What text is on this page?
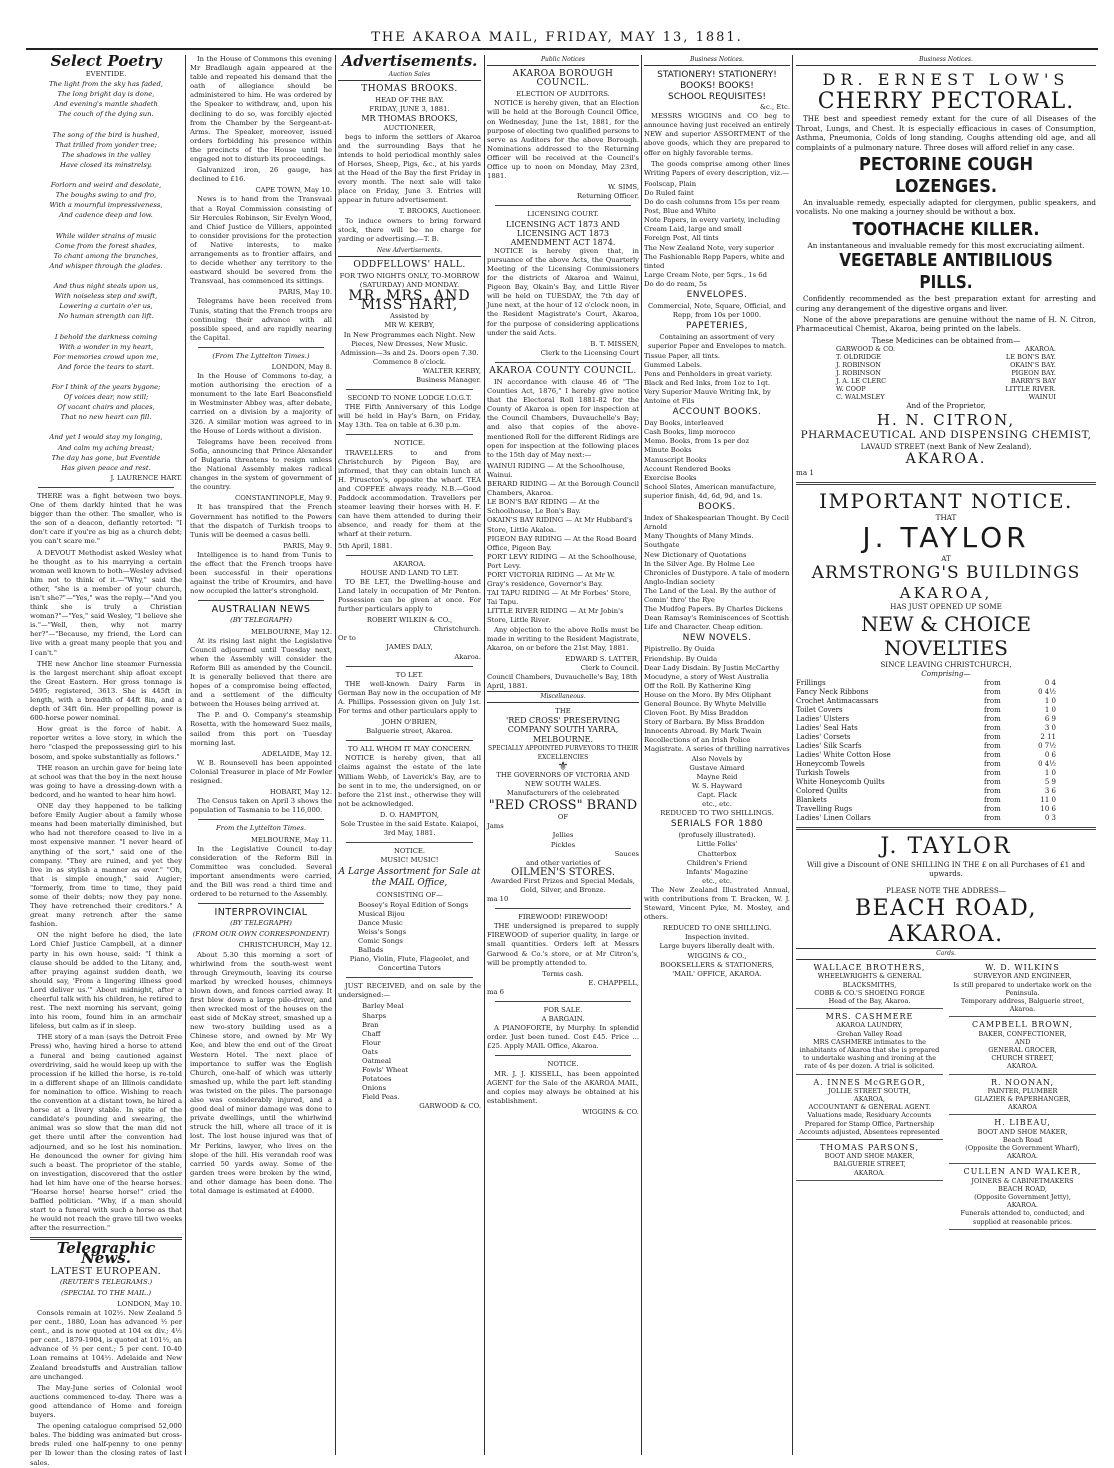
THE AKAROA MAIL, FRIDAY, MAY 13, 1881.
Select Poetry
EVENTIDE.
The light from the sky has faded,
The long bright day is done,
And evening's mantle shadeth
The couch of the dying sun.

The song of the bird is hushed,
That trilled from yonder tree;
The shadows in the valley
Have closed its minstrelsy.

Forlorn and weird and desolate,
The boughs swing to and fro,
With a mournful impressiveness,
And cadence deep and low.

While wilder strains of music
Come from the forest shades,
To chant among the branches,
And whisper through the glades.

And thus night steals upon us,
With noiseless step and swift,
Lowering a curtain o'er us,
No human strength can lift.

I behold the darkness coming
With a wonder in my heart,
For memories crowd upon me,
And force the tears to start.

For I think of the years bygone;
Of voices dear, now still;
Of vacant chairs and places,
That no new heart can fill.

And yet I would stay my longing,
And calm my aching breast;
The day has gone, but Eventide
Has given peace and rest.
J. LAURENCE HART.

THERE was a fight between two boys. One of them darkly hinted that he was bigger than the other. The smaller, who is the son of a deacon, defiantly retorted: "I don't care if you're as big as a church debt; you can't scare me."

A DEVOUT Methodist asked Wesley what he thought as to his marrying a certain woman well known to both—Wesley advised him not to think of it.—"Why," said the other, "she is a member of your church, isn't she?"—"Yes," was the reply.—"And you think she is truly a Christian woman?"—"Yes," said Wesley, "I believe she is."—"Well, then, why not marry her?"—"Because, my friend, the Lord can live with a great many people that you and I can't."

THE new Anchor line steamer Furnessia is the largest merchant ship afloat except the Great Eastern. Her gross tonnage is 5495; registered, 3613. She is 445ft in length, with a breadth of 44ft 8in, and a depth of 34ft 6in. Her propelling power is 600-horse power nominal.

How great is the force of habit. A reporter writes a love story, in which the hero "clasped the prepossessing girl to his bosom, and spoke substantially as follows."

THE reason an urchin gave for being late at school was that the boy in the next house was going to have a dressing-down with a bedcord, and he wanted to hear him howl.

ONE day they happened to be talking before Emily Augier about a family whose means had been materially diminished, but who had not therefore ceased to live in a most expensive manner. "I never heard of anything of the sort," said one of the company. "They are ruined, and yet they live in as stylish a manner as ever." "Oh, that is simple enough," said Augier; "formerly, from time to time, they paid some of their debts; now they pay none. They have retrenched their creditors." A great many retrench after the same fashion.

ON the night before he died, the late Lord Chief Justice Campbell, at a dinner party in his own house, said: "I think a clause should be added to the Litany, and, after praying against sudden death, we should say, 'From a lingering illness good Lord deliver us.'" About midnight, after a cheerful talk with his children, he retired to rest. The next morning his servant, going into his room, found him in an armchair lifeless, but calm as if in sleep.

THE story of a man (says the Detroit Free Press) who, having hired a horse to attend a funeral and being cautioned against overdriving, said he would keep up with the procession if he killed the horse, is re-told in a different shape of an Illinois candidate for nomination to office. Wishing to reach the convention at a distant town, he hired a horse at a livery stable. In spite of the candidate's pounding and swearing, the animal was so slow that the man did not get there until after the convention had adjourned, and so he lost his nomination. He denounced the owner for giving him such a beast. The proprietor of the stable, on investigation, discovered that the ostler had let him have one of the hearse horses. "Hearse horse! hearse horse!" cried the baffled politician. "Why, if a man should start to a funeral with such a horse as that he would not reach the grave till two weeks after the resurrection."

Telegraphic News.
LATEST EUROPEAN.
(REUTER'S TELEGRAMS.)
(SPECIAL TO THE MAIL.)
LONDON, May 10.

Consols remain at 102½. New Zealand 5 per cent., 1880, Loan has advanced ½ per cent., and is now quoted at 104 ex div.; 4½ per cent., 1879-1904, is quoted at 101½, an advance of ½ per cent.; 5 per cent. 10-40 Loan remains at 104½. Adelaide and New Zealand breadstuffs and Australian tallow are unchanged.

The May-June series of Colonial wool auctions commenced to-day. There was a good attendance of Home and foreign buyers.

The opening catalogue comprised 52,000 bales. The bidding was animated but cross-breds ruled one half-penny to one penny per lb lower than the closing rates of last sales.

In the House of Commons this evening Mr Bradlaugh again appeared at the table and repeated his demand that the oath of allegiance should be administered to him. He was ordered by the Speaker to withdraw, and, upon his declining to do so, was forcibly ejected from the Chamber by the Sergeant-at-Arms. The Speaker, moreover, issued orders forbidding his presence within the precincts of the House until he engaged not to disturb its proceedings.

Galvanized iron, 26 gauge, has declined to £16.

CAPE TOWN, May 10.

News is to hand from the Transvaal that a Royal Commission consisting of Sir Hercules Robinson, Sir Evelyn Wood, and Chief Justice de Villiers, appointed to consider provisions for the protection of Native interests, to make arrangements as to frontier affairs, and to decide whether any territory to the eastward should be severed from the Transvaal, has commenced its sittings.

PARIS, May 10.

Telegrams have been received from Tunis, stating that the French troops are continuing their advance with all possible speed, and are rapidly nearing the Capital.

(From The Lyttelton Times.)
LONDON, May 8.

In the House of Commons to-day, a motion authorising the erection of a monument to the late Earl Beaconsfield in Westminster Abbey was, after debate, carried on a division by a majority of 326. A similar motion was agreed to in the House of Lords without a division.

Telegrams have been received from Sofia, announcing that Prince Alexander of Bulgaria threatens to resign unless the National Assembly makes radical changes in the system of government of the country.

CONSTANTINOPLE, May 9.

It has transpired that the French Government has notified to the Powers that the dispatch of Turkish troops to Tunis will be deemed a casus belli.

PARIS, May 9.

Intelligence is to hand from Tunis to the effect that the French troops have been successful in their operations against the tribe of Kroumirs, and have now occupied the latter's stronghold.

AUSTRALIAN NEWS
(BY TELEGRAPH)
MELBOURNE, May 12.

At its rising last night the Legislative Council adjourned until Tuesday next, when the Assembly will consider the Reform Bill as amended by the Council. It is generally believed that there are hopes of a compromise being effected, and a settlement of the difficulty between the Houses being arrived at.

The P. and O. Company's steamship Rosetta, with the homeward Suez mails, sailed from this port on Tuesday morning last.

ADELAIDE, May 12.

W. B. Rounsevell has been appointed Colonial Treasurer in place of Mr Fowler resigned.

HOBART, May 12.

The Census taken on April 3 shows the population of Tasmania to be 116,000.

From the Lyttelton Times.
MELBOURNE, May 11.

In the Legislative Council to-day consideration of the Reform Bill in Committee was concluded. Several important amendments were carried, and the Bill was read a third time and ordered to be returned to the Assembly.

INTERPROVINCIAL
(BY TELEGRAPH)
(FROM OUR OWN CORRESPONDENT)
CHRISTCHURCH, May 12.

About 5.30 this morning a sort of whirlwind from the south-west went through Greymouth, leaving its course marked by wrecked houses, chimneys blown down, and fences carried away. It first blew down a large pile-driver, and then wrecked most of the houses on the east side of McKay street, smashed up a new two-story building used as a Chinese store, and owned by Mr Wy Kee, and blew the end out of the Great Western Hotel. The next place of importance to suffer was the English Church, one-half of which was utterly smashed up, while the part left standing was twisted on the piles. The parsonage also was considerably injured, and a good deal of minor damage was done to private dwellings, until the whirlwind struck the hill, where all trace of it is lost. The lost house injured was that of Mr Perkins, lawyer, who lives on the slope of the hill. His verandah roof was carried 50 yards away. Some of the garden trees were broken by the wind, and other damage has been done. The total damage is estimated at £4000.

Advertisements.
Auction Sales
THOMAS BROOKS.
HEAD OF THE BAY.
FRIDAY, JUNE 3, 1881.
MR THOMAS BROOKS,
AUCTIONEER,

begs to inform the settlers of Akaroa and the surrounding Bays that he intends to hold periodical monthly sales of Horses, Sheep, Pigs, &c., at his yards at the Head of the Bay the first Friday in every month. The next sale will take place on Friday, June 3. Entries will appear in future advertisement.

T. BROOKS, Auctioneer.

To induce owners to bring forward stock, there will be no charge for yarding or advertising.—T. B.

New Advertisements.
ODDFELLOWS' HALL.
FOR TWO NIGHTS ONLY, TO-MORROW (SATURDAY) AND MONDAY.
MR, MRS, AND MISS HART,
Assisted by
MR W. KERBY,
In New Programmes each Night. New Pieces, New Dresses, New Music. Admission—3s and 2s. Doors open 7.30. Commence 8 o'clock.
WALTER KERBY,
Business Manager.
SECOND TO NONE LODGE I.O.G.T.

THE Fifth Anniversary of this Lodge will be held in Hay's Barn, on Friday, May 13th. Tea on table at 6.30 p.m.

NOTICE.

TRAVELLERS to and from Christchurch by Pigeon Bay, are informed, that they can obtain lunch at H. Piruscton's, opposite the wharf. TEA and COFFEE always ready. N.B.—Good Paddock accommodation. Travellers per steamer leaving their horses with H. F. can have them attended to during their absence, and ready for them at the wharf at their return.

5th April, 1881.
AKAROA.
HOUSE AND LAND TO LET.

TO BE LET, the Dwelling-house and Land lately in occupation of Mr Penton. Possession can be given at once. For further particulars apply to

ROBERT WILKIN & CO.,
Christchurch.
Or to
JAMES DALY,
Akaroa.
TO LET.

THE well-known Dairy Farm in German Bay now in the occupation of Mr A. Phillips. Possession given on July 1st. For terms and other particulars apply to

JOHN O'BRIEN,
Balguerie street, Akaroa.
TO ALL WHOM IT MAY CONCERN.

NOTICE is hereby given, that all claims against the estate of the late William Webb, of Laverick's Bay, are to be sent in to me, the undersigned, on or before the 21st inst., otherwise they will not be acknowledged.

D. O. HAMPTON,
Sole Trustee in the said Estate. Kaiapoi, 3rd May, 1881.
NOTICE.
MUSIC! MUSIC!
A Large Assortment for Sale at the MAIL Office,
CONSISTING OF—
Boosey's Royal Edition of Songs
Musical Bijou
Dance Music
Weiss's Songs
Comic Songs
Ballads
Piano, Violin, Flute, Flageolet, and Concertina Tutors

JUST RECEIVED, and on sale by the undersigned:—

Barley Meal
Sharps
Bran
Chaff
Flour
Oats
Oatmeal
Fowls' Wheat
Potatoes
Onions
Field Peas.
GARWOOD & CO.
Public Notices
AKAROA BOROUGH COUNCIL.
ELECTION OF AUDITORS.

NOTICE is hereby given, that an Election will be held at the Borough Council Office, on Wednesday, June the 1st, 1881, for the purpose of electing two qualified persons to serve as Auditors for the above Borough. Nominations addressed to the Returning Officer will be received at the Council's Office up to noon on Monday, May 23rd, 1881.

W. SIMS,
Returning Officer.
LICENSING COURT.
LICENSING ACT 1873 AND LICENSING ACT 1873 AMENDMENT ACT 1874.

NOTICE is hereby given that, in pursuance of the above Acts, the Quarterly Meeting of the Licensing Commissioners for the districts of Akaroa and Wainui, Pigeon Bay, Okain's Bay, and Little River will be held on TUESDAY, the 7th day of June next, at the hour of 12 o'clock noon, in the Resident Magistrate's Court, Akaroa, for the purpose of considering applications under the said Acts.

B. T. MISSEN,
Clerk to the Licensing Court
AKAROA COUNTY COUNCIL.

IN accordance with clause 46 of "The Counties Act, 1876," I hereby give notice that the Electoral Roll 1881-82 for the County of Akaroa is open for inspection at the Council Chambers, Duvauchelle's Bay; and also that copies of the above-mentioned Roll for the different Ridings are open for inspection at the following places to the 15th day of May next:—

WAINUI RIDING — At the Schoolhouse, Wainui.
BERARD RIDING — At the Borough Council Chambers, Akaroa.
LE BON'S BAY RIDING — At the Schoolhouse, Le Bon's Bay.
OKAIN'S BAY RIDING — At Mr Hubbard's Store, Little Akaloa.
PIGEON BAY RIDING — At the Road Board Office, Pigeon Bay.
PORT LEVY RIDING — At the Schoolhouse, Port Levy.
PORT VICTORIA RIDING — At Mr W. Gray's residence, Governor's Bay.
TAI TAPU RIDING — At Mr Forbes' Store, Tai Tapu.
LITTLE RIVER RIDING — At Mr Jobin's Store, Little River.

Any objection to the above Rolls must be made in writing to the Resident Magistrate, Akaroa, on or before the 21st May, 1881.

EDWARD S. LATTER,
Clerk to Council.
Council Chambers, Duvauchelle's Bay, 18th April, 1881.
Miscellaneous.
THE
'RED CROSS' PRESERVING COMPANY SOUTH YARRA, MELBOURNE.
SPECIALLY APPOINTED PURVEYORS TO THEIR EXCELLENCIES
⚜
THE GOVERNORS OF VICTORIA AND NEW SOUTH WALES.
Manufacturers of the celebrated
"RED CROSS" BRAND
OF
Jams
Jellies
Pickles
Sauces
and other varieties of
OILMEN'S STORES.
Awarded First Prizes and Special Medals, Gold, Silver, and Bronze.
ma 10
FIREWOOD! FIREWOOD!

THE undersigned is prepared to supply FIREWOOD of superior quality, in large or small quantities. Orders left at Messrs Garwood & Co.'s store, or at Mr Citron's, will be promptly attended to.

Terms cash.
E. CHAPPELL,
ma 6
FOR SALE.
A BARGAIN.

A PIANOFORTE, by Murphy. In splendid order. Just been tuned. Cost £45. Price ... £25. Apply MAIL Office, Akaroa.

NOTICE.

MR. J. J. KISSELL, has been appointed AGENT for the Sale of the AKAROA MAIL, and copies may always be obtained at his establishment.

WIGGINS & CO.
Business Notices.
STATIONERY! STATIONERY!
BOOKS! BOOKS!
SCHOOL REQUISITES!
&c., Etc.

MESSRS WIGGINS and CO beg to announce having just received an entirely NEW and superior ASSORTMENT of the above goods, which they are prepared to offer on highly favorable terms.

The goods comprise among other lines Writing Papers of every description, viz.—

Foolscap, Plain
Do Ruled faint
Do do cash columns from 15s per ream
Post, Blue and White
Note Papers, in every variety, including Cream Laid, large and small
Foreign Post, All tints
The New Zealand Note, very superior
The Fashionable Repp Papers, white and tinted
Large Cream Note, per 5qrs., 1s 6d
Do do do ream, 5s
ENVELOPES.
Commercial, Note, Square, Official, and Repp, from 10s per 1000.
PAPETERIES,
Containing an assortment of very superior Paper and Envelopes to match.
Tissue Paper, all tints.
Gummed Labels.
Pens and Penholders in great variety.
Black and Red Inks, from 1oz to 1qt.
Very Superior Mauve Writing Ink, by Antoine et Fils
ACCOUNT BOOKS.
Day Books, interleaved
Cash Books, limp morocco
Memo. Books, from 1s per doz
Minute Books
Manuscript Books
Account Rendered Books
Exercise Books
School Slates, American manufacture, superior finish, 4d, 6d, 9d, and 1s.
BOOKS.
Index of Shakespearian Thought. By Cecil Arnold
Many Thoughts of Many Minds. Southgate
New Dictionary of Quotations
In the Silver Age. By Holme Lee
Chronicles of Dustypore. A tale of modern Anglo-Indian society
The Land of the Leal. By the author of Comin' thro' the Rye
The Mudfog Papers. By Charles Dickens
Dean Ramsay's Reminiscences of Scottish Life and Character. Cheap edition.
NEW NOVELS.
Pipistrello. By Ouida
Friendship. By Ouida
Dear Lady Disdain. By Justin McCarthy
Mocudyne, a story of West Australia
Off the Roll. By Katherine King
House on the Moro. By Mrs Oliphant
General Bounce. By Whyte Melville
Cloven Foot. By Miss Braddon
Story of Barbara. By Miss Braddon
Innocents Abroad. By Mark Twain
Recollections of an Irish Police Magistrate. A series of thrilling narratives
Also Novels by
Gustave Aimard
Mayne Reid
W. S. Hayward
Capt. Flack
etc., etc.
REDUCED TO TWO SHILLINGS.
SERIALS FOR 1880
(profusely illustrated).
Little Folks'
Chatterbox
Children's Friend
Infants' Magazine
etc., etc.

The New Zealand Illustrated Annual, with contributions from T. Bracken, W. J. Steward, Vincent Pyke, M. Mosley, and others.

REDUCED TO ONE SHILLING.
Inspection invited.
Large buyers liberally dealt with.
WIGGINS & CO.,
BOOKSELLERS & STATIONERS,
'MAIL' OFFICE, AKAROA.
Business Notices.
DR. ERNEST LOW'S
CHERRY PECTORAL.

THE best and speediest remedy extant for the cure of all Diseases of the Throat, Lungs, and Chest. It is especially efficacious in cases of Consumption, Asthma, Pneumonia, Colds of long standing, Coughs attending old age, and all complaints of a pulmonary nature. Three doses will afford relief in any case.

PECTORINE COUGH LOZENGES.

An invaluable remedy, especially adapted for clergymen, public speakers, and vocalists. No one making a journey should be without a box.

TOOTHACHE KILLER.
An instantaneous and invaluable remedy for this most excruciating ailment.
VEGETABLE ANTIBILIOUS PILLS.

Confidently recommended as the best preparation extant for arresting and curing any derangement of the digestive organs and liver.

None of the above preparations are genuine without the name of H. N. Citron, Pharmaceutical Chemist, Akaroa, being printed on the labels.

These Medicines can be obtained from—
GARWOOD & CO.	AKAROA.
T. OLDRIDGE	LE BON'S BAY.
J. ROBINSON	OKAIN'S BAY.
J. ROBINSON	PIGEON BAY.
J. A. LE CLERC	BARRY'S BAY
W. COOP	LITTLE RIVER.
C. WALMSLEY	WAINUI
And of the Proprietor,
H. N. CITRON,
PHARMACEUTICAL AND DISPENSING CHEMIST,
LAVAUD STREET (next Bank of New Zealand),
AKAROA.
ma 1
IMPORTANT NOTICE.
THAT
J. TAYLOR
AT
ARMSTRONG'S BUILDINGS
AKAROA,
HAS JUST OPENED UP SOME
NEW & CHOICE NOVELTIES
SINCE LEAVING CHRISTCHURCH,
Comprising—
Frillings	from	0 4
Fancy Neck Ribbons	from	0 4½
Crochet Antimacassars	from	1 0
Toilet Covers	from	1 0
Ladies' Ulsters	from	6 9
Ladies' Seal Hats	from	3 0
Ladies' Corsets	from	2 11
Ladies' Silk Scarfs	from	0 7½
Ladies' White Cotton Hose	from	0 6
Honeycomb Towels	from	0 4½
Turkish Towels	from	1 0
White Honeycomb Quilts	from	5 9
Colored Quilts	from	3 6
Blankets	from	11 0
Travelling Rugs	from	10 6
Ladies' Linen Collars	from	0 3
J. TAYLOR
Will give a Discount of ONE SHILLING IN THE £ on all Purchases of £1 and upwards.
PLEASE NOTE THE ADDRESS—
BEACH ROAD, AKAROA.
Cards.
WALLACE BROTHERS,
WHEELWRIGHTS & GENERAL BLACKSMITHS,
COBB & CO.'S SHOEING FORGE
Head of the Bay, Akaroa.
MRS. CASHMERE
AKAROA LAUNDRY,
Grehan Valley Road
MRS CASHMERE intimates to the inhabitants of Akaroa that she is prepared to undertake washing and ironing at the rate of 4s per dozen. A trial is solicited.
A. INNES McGREGOR,
JOLLIE STREET SOUTH,
AKAROA,
ACCOUNTANT & GENERAL AGENT.
Valuations made, Residuary Accounts Prepared for Stamp Office, Partnership Accounts adjusted, Absentees represented
THOMAS PARSONS,
BOOT AND SHOE MAKER,
BALGUERIE STREET,
AKAROA.
W. D. WILKINS
SURVEYOR AND ENGINEER,
Is still prepared to undertake work on the Peninsula.
Temporary address, Balguerie street, Akaroa.
CAMPBELL BROWN,
BAKER, CONFECTIONER,
AND
GENERAL GROCER,
CHURCH STREET,
AKAROA.
R. NOONAN,
PAINTER, PLUMBER
GLAZIER & PAPERHANGER,
AKAROA
H. LIBEAU,
BOOT AND SHOE MAKER,
Beach Road
(Opposite the Government Wharf),
AKAROA.
CULLEN AND WALKER,
JOINERS & CABINETMAKERS
BEACH ROAD,
(Opposite Government Jetty),
AKAROA.
Funerals attended to, conducted, and supplied at reasonable prices.
